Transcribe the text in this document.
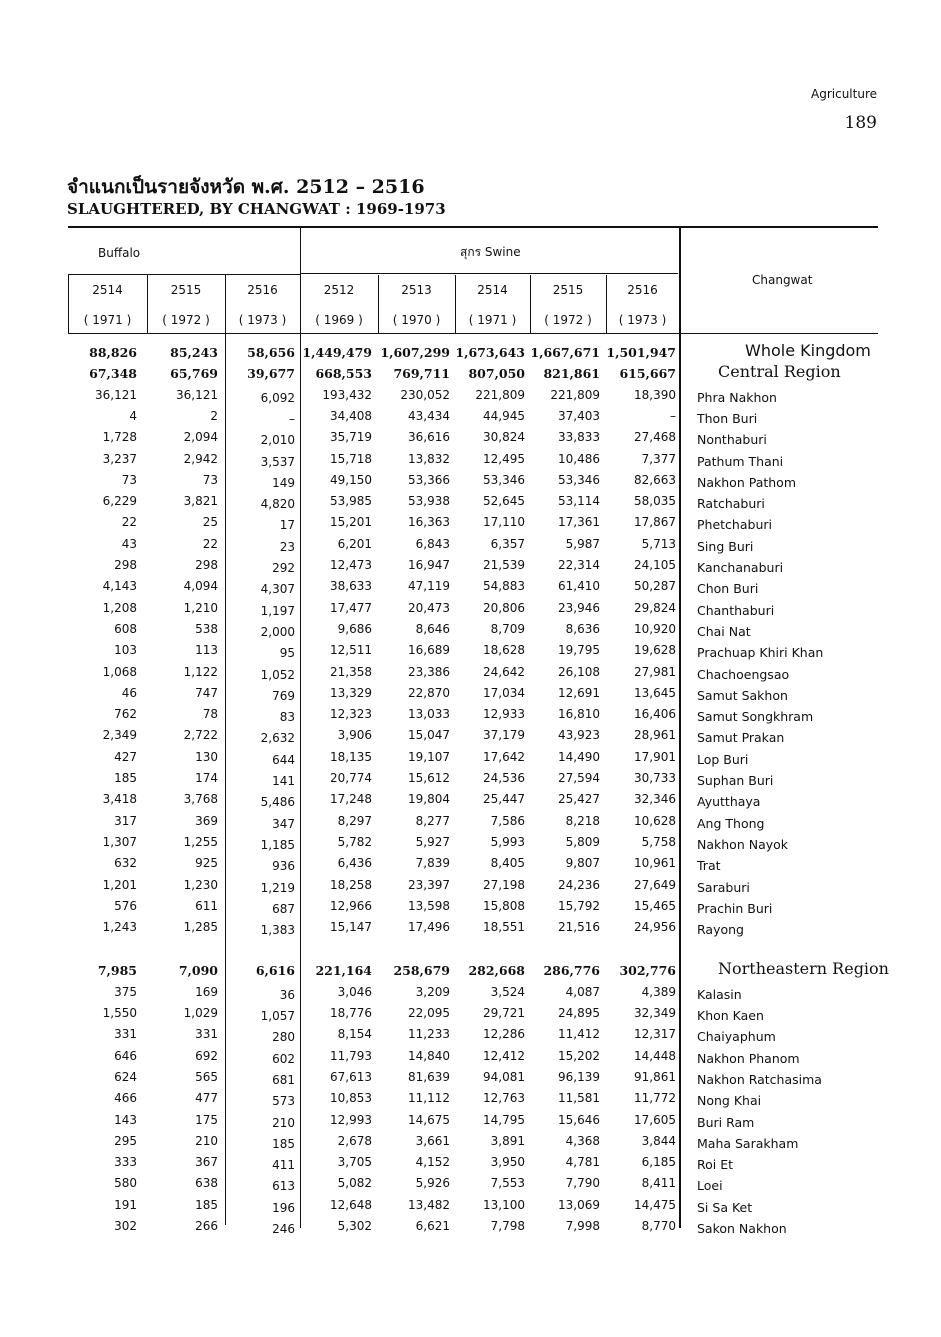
Agriculture
189
จำแนกเป็นรายจังหวัด พ.ศ. 2512 – 2516
SLAUGHTERED, BY CHANGWAT : 1969-1973
Buffalo	สุกร Swine
Changwat
2514
( 1971 )
2515
( 1972 )
2516
( 1973 )
2512
( 1969 )
2513
( 1970 )
2514
( 1971 )
2515
( 1972 )
2516
( 1973 )
88,826	85,243	58,656 1,449,479 1,607,299 1,673,643 1,667,671 1,501,947	Whole Kingdom
67,348	65,769	39,677	668,553	769,711	807,050	821,861	615,667	Central Region
36,121	36,121	6,092	193,432	230,052	221,809	221,809	18,390 Phra Nakhon
4	2	–	34,408	43,434	44,945	37,403	– Thon Buri
1,728	2,094	2,010	35,719	36,616	30,824	33,833	27,468 Nonthaburi
3,237	2,942	3,537	15,718	13,832	12,495	10,486	7,377 Pathum Thani
73	73	149	49,150	53,366	53,346	53,346	82,663 Nakhon Pathom
6,229	3,821	4,820	53,985	53,938	52,645	53,114	58,035 Ratchaburi
22	25	17	15,201	16,363	17,110	17,361	17,867 Phetchaburi
43	22	23	6,201	6,843	6,357	5,987	5,713 Sing Buri
298	298	292	12,473	16,947	21,539	22,314	24,105 Kanchanaburi
4,143	4,094	4,307	38,633	47,119	54,883	61,410	50,287 Chon Buri
1,208	1,210	1,197	17,477	20,473	20,806	23,946	29,824 Chanthaburi
608	538	2,000	9,686	8,646	8,709	8,636	10,920 Chai Nat
103	113	95	12,511	16,689	18,628	19,795	19,628 Prachuap Khiri Khan
1,068	1,122	1,052	21,358	23,386	24,642	26,108	27,981 Chachoengsao
46	747	769	13,329	22,870	17,034	12,691	13,645 Samut Sakhon
762	78	83	12,323	13,033	12,933	16,810	16,406 Samut Songkhram
2,349	2,722	2,632	3,906	15,047	37,179	43,923	28,961 Samut Prakan
427	130	644	18,135	19,107	17,642	14,490	17,901 Lop Buri
185	174	141	20,774	15,612	24,536	27,594	30,733 Suphan Buri
3,418	3,768	5,486	17,248	19,804	25,447	25,427	32,346 Ayutthaya
317	369	347	8,297	8,277	7,586	8,218	10,628 Ang Thong
1,307	1,255	1,185	5,782	5,927	5,993	5,809	5,758 Nakhon Nayok
632	925	936	6,436	7,839	8,405	9,807	10,961 Trat
1,201	1,230	1,219	18,258	23,397	27,198	24,236	27,649 Saraburi
576	611	687	12,966	13,598	15,808	15,792	15,465 Prachin Buri
1,243	1,285	1,383	15,147	17,496	18,551	21,516	24,956 Rayong
7,985	7,090	6,616	221,164	258,679	282,668	286,776	302,776	Northeastern Region
375	169	36	3,046	3,209	3,524	4,087	4,389 Kalasin
1,550	1,029	1,057	18,776	22,095	29,721	24,895	32,349 Khon Kaen
331	331	280	8,154	11,233	12,286	11,412	12,317 Chaiyaphum
646	692	602	11,793	14,840	12,412	15,202	14,448 Nakhon Phanom
624	565	681	67,613	81,639	94,081	96,139	91,861 Nakhon Ratchasima
466	477	573	10,853	11,112	12,763	11,581	11,772 Nong Khai
143	175	210	12,993	14,675	14,795	15,646	17,605 Buri Ram
295	210	185	2,678	3,661	3,891	4,368	3,844 Maha Sarakham
333	367	411	3,705	4,152	3,950	4,781	6,185 Roi Et
580	638	613	5,082	5,926	7,553	7,790	8,411 Loei
191	185	196	12,648	13,482	13,100	13,069	14,475 Si Sa Ket
302	266	246	5,302	6,621	7,798	7,998	8,770 Sakon Nakhon
